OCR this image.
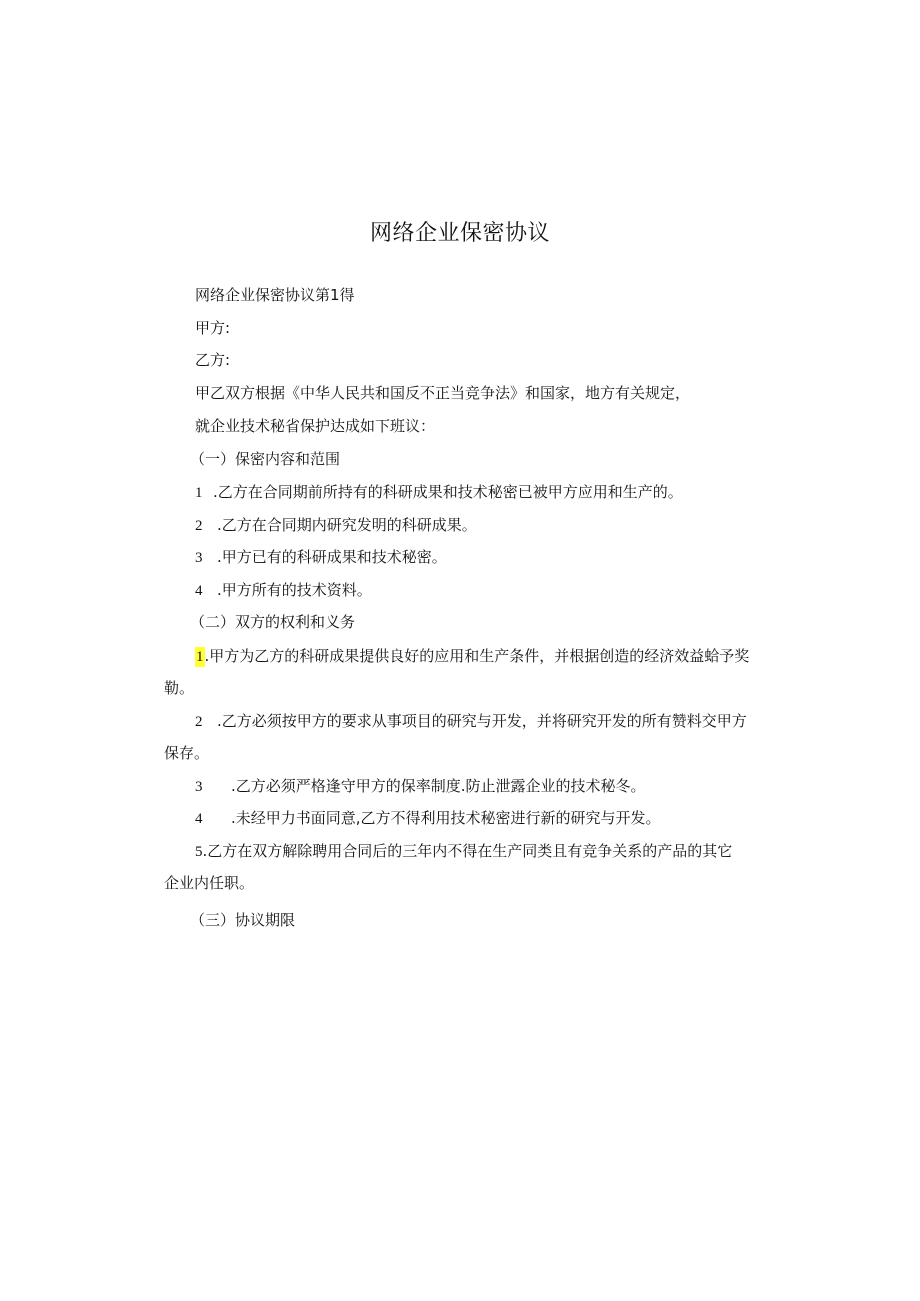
网络企业保密协议
网络企业保密协议第1得
甲方:
乙方:
甲乙双方根据《中华人民共和国反不正当竞争法》和国家，地方有关规定，
就企业技术秘省保护达成如下班议：
（一）保密内容和范围
1 .乙方在合同期前所持有的科研成果和技术秘密已被甲方应用和生产的。
2 .乙方在合同期内研究发明的科研成果。
3 .甲方已有的科研成果和技术秘密。
4 .甲方所有的技术资料。
（二）双方的权利和义务
1.甲方为乙方的科研成果提供良好的应用和生产条件，并根据创造的经济效益蛤予奖
勒。
2 .乙方必须按甲方的要求从事项目的研究与开发，并将研究开发的所有赞料交甲方
保存。
3 .乙方必须严格逢守甲方的保率制度.防止泄露企业的技术秘冬。
4 .未经甲力书面同意,乙方不得利用技术秘密进行新的研究与开发。
5.乙方在双方解除聘用合同后的三年内不得在生产同类且有竞争关系的产品的其它
企业内任职。
（三）协议期限
